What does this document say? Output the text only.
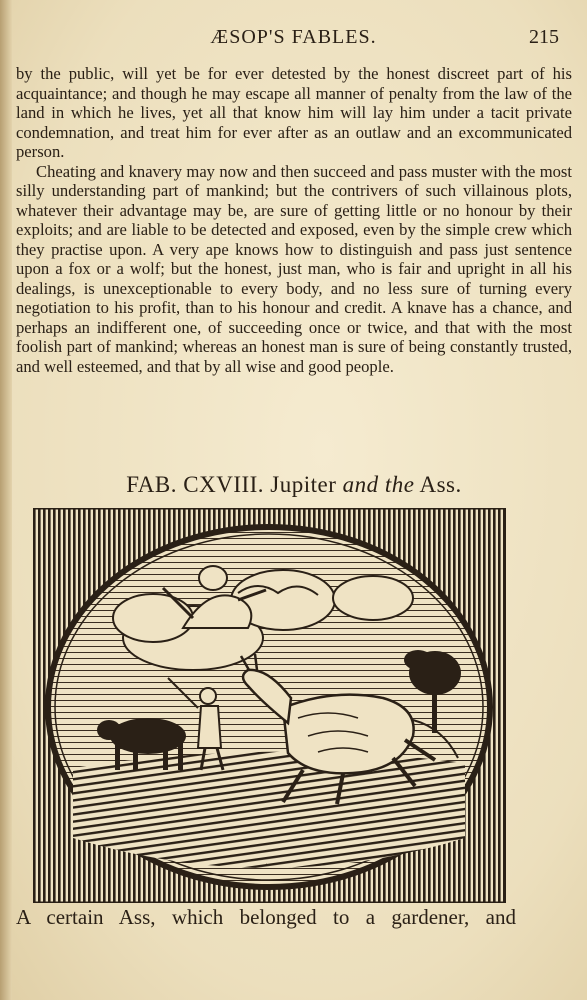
ÆSOP'S FABLES.	215

by the public, will yet be for ever detested by the honest discreet part of his acquaintance; and though he may escape all manner of penalty from the law of the land in which he lives, yet all that know him will lay him under a tacit private condemnation, and treat him for ever after as an outlaw and an excommunicated person.

Cheating and knavery may now and then succeed and pass muster with the most silly understanding part of mankind; but the contrivers of such villainous plots, whatever their advantage may be, are sure of getting little or no honour by their exploits; and are liable to be detected and exposed, even by the simple crew which they practise upon. A very ape knows how to distinguish and pass just sentence upon a fox or a wolf; but the honest, just man, who is fair and upright in all his dealings, is unexceptionable to every body, and no less sure of turning every negotiation to his profit, than to his honour and credit. A knave has a chance, and perhaps an indifferent one, of succeeding once or twice, and that with the most foolish part of mankind; whereas an honest man is sure of being constantly trusted, and well esteemed, and that by all wise and good people.

FAB. CXVIII. Jupiter and the Ass.
A certain Ass, which belonged to a gardener, and
